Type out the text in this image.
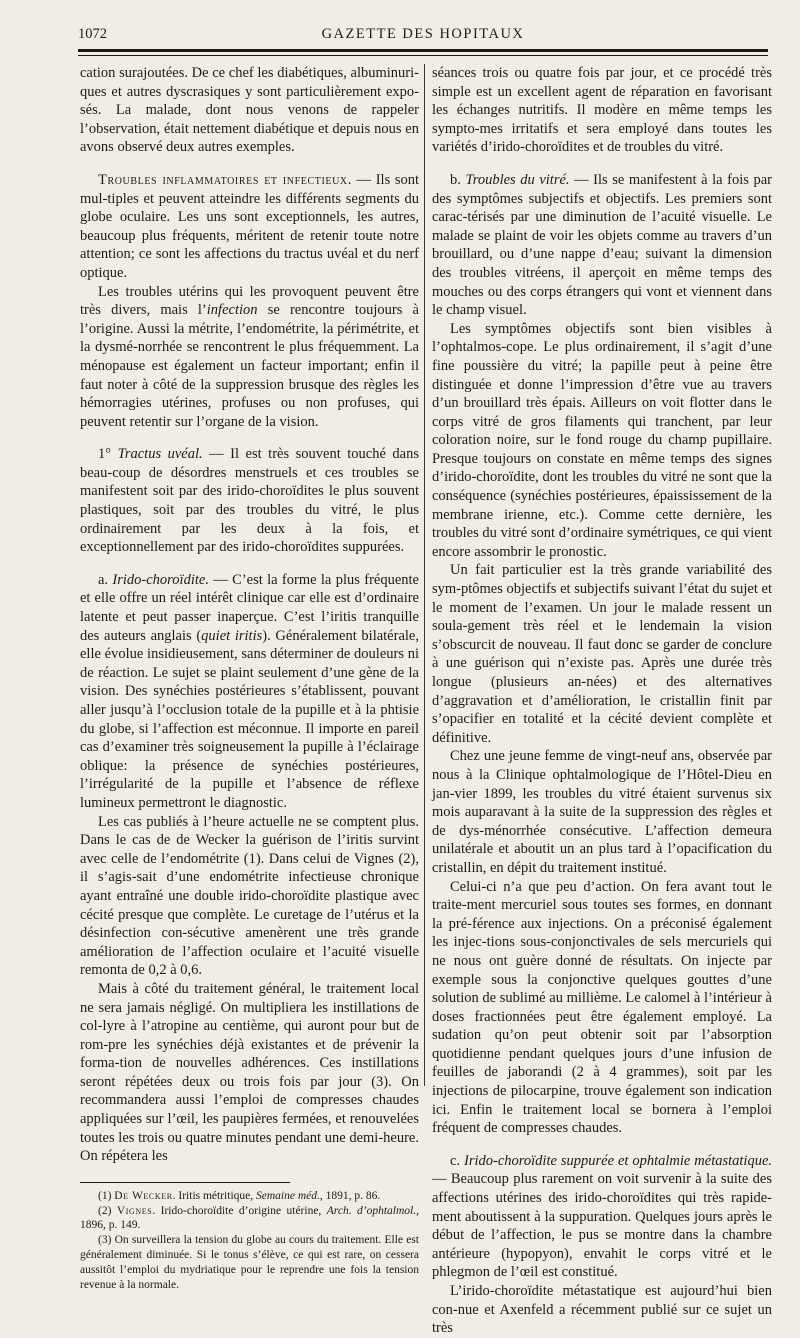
1072	GAZETTE DES HOPITAUX

cation surajoutées. De ce chef les diabétiques, albuminuri-ques et autres dyscrasiques y sont particulièrement expo-sés. La malade, dont nous venons de rappeler l’observation, était nettement diabétique et depuis nous en avons observé deux autres exemples.

Troubles inflammatoires et infectieux. — Ils sont mul-tiples et peuvent atteindre les différents segments du globe oculaire. Les uns sont exceptionnels, les autres, beaucoup plus fréquents, méritent de retenir toute notre attention; ce sont les affections du tractus uvéal et du nerf optique.

Les troubles utérins qui les provoquent peuvent être très divers, mais l’infection se rencontre toujours à l’origine. Aussi la métrite, l’endométrite, la périmétrite, et la dysmé-norrhée se rencontrent le plus fréquemment. La ménopause est également un facteur important; enfin il faut noter à côté de la suppression brusque des règles les hémorragies utérines, profuses ou non profuses, qui peuvent retentir sur l’organe de la vision.

1° Tractus uvéal. — Il est très souvent touché dans beau-coup de désordres menstruels et ces troubles se manifestent soit par des irido-choroïdites le plus souvent plastiques, soit par des troubles du vitré, le plus ordinairement par les deux à la fois, et exceptionnellement par des irido-choroïdites suppurées.

a. Irido-choroïdite. — C’est la forme la plus fréquente et elle offre un réel intérêt clinique car elle est d’ordinaire latente et peut passer inaperçue. C’est l’iritis tranquille des auteurs anglais (quiet iritis). Généralement bilatérale, elle évolue insidieusement, sans déterminer de douleurs ni de réaction. Le sujet se plaint seulement d’une gène de la vision. Des synéchies postérieures s’établissent, pouvant aller jusqu’à l’occlusion totale de la pupille et à la phtisie du globe, si l’affection est méconnue. Il importe en pareil cas d’examiner très soigneusement la pupille à l’éclairage oblique: la présence de synéchies postérieures, l’irrégularité de la pupille et l’absence de réflexe lumineux permettront le diagnostic.

Les cas publiés à l’heure actuelle ne se comptent plus. Dans le cas de de Wecker la guérison de l’iritis survint avec celle de l’endométrite (1). Dans celui de Vignes (2), il s’agis-sait d’une endométrite infectieuse chronique ayant entraîné une double irido-choroïdite plastique avec cécité presque que complète. Le curetage de l’utérus et la désinfection con-sécutive amenèrent une très grande amélioration de l’affection oculaire et l’acuité visuelle remonta de 0,2 à 0,6.

Mais à côté du traitement général, le traitement local ne sera jamais négligé. On multipliera les instillations de col-lyre à l’atropine au centième, qui auront pour but de rom-pre les synéchies déjà existantes et de prévenir la forma-tion de nouvelles adhérences. Ces instillations seront répétées deux ou trois fois par jour (3). On recommandera aussi l’emploi de compresses chaudes appliquées sur l’œil, les paupières fermées, et renouvelées toutes les trois ou quatre minutes pendant une demi-heure. On répétera les

(1) De Wecker. Iritis métritique, Semaine méd., 1891, p. 86.

(2) Vignes. Irido-choroïdite d’origine utérine, Arch. d’ophtalmol., 1896, p. 149.

(3) On surveillera la tension du globe au cours du traitement. Elle est généralement diminuée. Si le tonus s’élève, ce qui est rare, on cessera aussitôt l’emploi du mydriatique pour le reprendre une fois la tension revenue à la normale.

séances trois ou quatre fois par jour, et ce procédé très simple est un excellent agent de réparation en favorisant les échanges nutritifs. Il modère en même temps les sympto-mes irritatifs et sera employé dans toutes les variétés d’irido-choroïdites et de troubles du vitré.

b. Troubles du vitré. — Ils se manifestent à la fois par des symptômes subjectifs et objectifs. Les premiers sont carac-térisés par une diminution de l’acuité visuelle. Le malade se plaint de voir les objets comme au travers d’un brouillard, ou d’une nappe d’eau; suivant la dimension des troubles vitréens, il aperçoit en même temps des mouches ou des corps étrangers qui vont et viennent dans le champ visuel.

Les symptômes objectifs sont bien visibles à l’ophtalmos-cope. Le plus ordinairement, il s’agit d’une fine poussière du vitré; la papille peut à peine être distinguée et donne l’impression d’être vue au travers d’un brouillard très épais. Ailleurs on voit flotter dans le corps vitré de gros filaments qui tranchent, par leur coloration noire, sur le fond rouge du champ pupillaire. Presque toujours on constate en même temps des signes d’irido-choroïdite, dont les troubles du vitré ne sont que la conséquence (synéchies postérieures, épaississement de la membrane irienne, etc.). Comme cette dernière, les troubles du vitré sont d’ordinaire symétriques, ce qui vient encore assombrir le pronostic.

Un fait particulier est la très grande variabilité des sym-ptômes objectifs et subjectifs suivant l’état du sujet et le moment de l’examen. Un jour le malade ressent un soula-gement très réel et le lendemain la vision s’obscurcit de nouveau. Il faut donc se garder de conclure à une guérison qui n’existe pas. Après une durée très longue (plusieurs an-nées) et des alternatives d’aggravation et d’amélioration, le cristallin finit par s’opacifier en totalité et la cécité devient complète et définitive.

Chez une jeune femme de vingt-neuf ans, observée par nous à la Clinique ophtalmologique de l’Hôtel-Dieu en jan-vier 1899, les troubles du vitré étaient survenus six mois auparavant à la suite de la suppression des règles et de dys-ménorrhée consécutive. L’affection demeura unilatérale et aboutit un an plus tard à l’opacification du cristallin, en dépit du traitement institué.

Celui-ci n’a que peu d’action. On fera avant tout le traite-ment mercuriel sous toutes ses formes, en donnant la pré-férence aux injections. On a préconisé également les injec-tions sous-conjonctivales de sels mercuriels qui ne nous ont guère donné de résultats. On injecte par exemple sous la conjonctive quelques gouttes d’une solution de sublimé au millième. Le calomel à l’intérieur à doses fractionnées peut être également employé. La sudation qu’on peut obtenir soit par l’absorption quotidienne pendant quelques jours d’une infusion de feuilles de jaborandi (2 à 4 grammes), soit par les injections de pilocarpine, trouve également son indication ici. Enfin le traitement local se bornera à l’emploi fréquent de compresses chaudes.

c. Irido-choroïdite suppurée et ophtalmie métastatique. — Beaucoup plus rarement on voit survenir à la suite des affections utérines des irido-choroïdites qui très rapide-ment aboutissent à la suppuration. Quelques jours après le début de l’affection, le pus se montre dans la chambre antérieure (hypopyon), envahit le corps vitré et le phlegmon de l’œil est constitué.

L’irido-choroïdite métastatique est aujourd’hui bien con-nue et Axenfeld a récemment publié sur ce sujet un très
